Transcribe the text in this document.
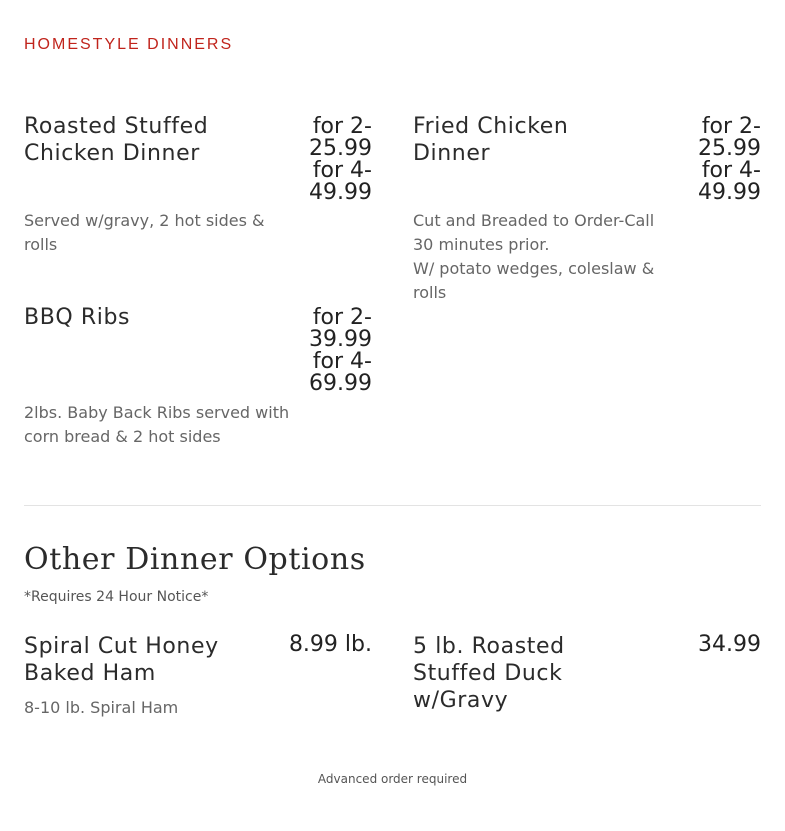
HOMESTYLE DINNERS
Roasted Stuffed Chicken Dinner
for 2-
25.99
for 4-
49.99

Served w/gravy, 2 hot sides &
rolls

Fried Chicken Dinner
for 2-
25.99
for 4-
49.99

Cut and Breaded to Order-Call
30 minutes prior.
W/ potato wedges, coleslaw &
rolls

BBQ Ribs	for 2-
39.99
for 4-
69.99

2lbs. Baby Back Ribs served with
corn bread & 2 hot sides

Other Dinner Options
*Requires 24 Hour Notice*
Spiral Cut Honey Baked Ham
8.99 lb.

8-10 lb. Spiral Ham

5 lb. Roasted Stuffed Duck w/Gravy
34.99
Advanced order required
